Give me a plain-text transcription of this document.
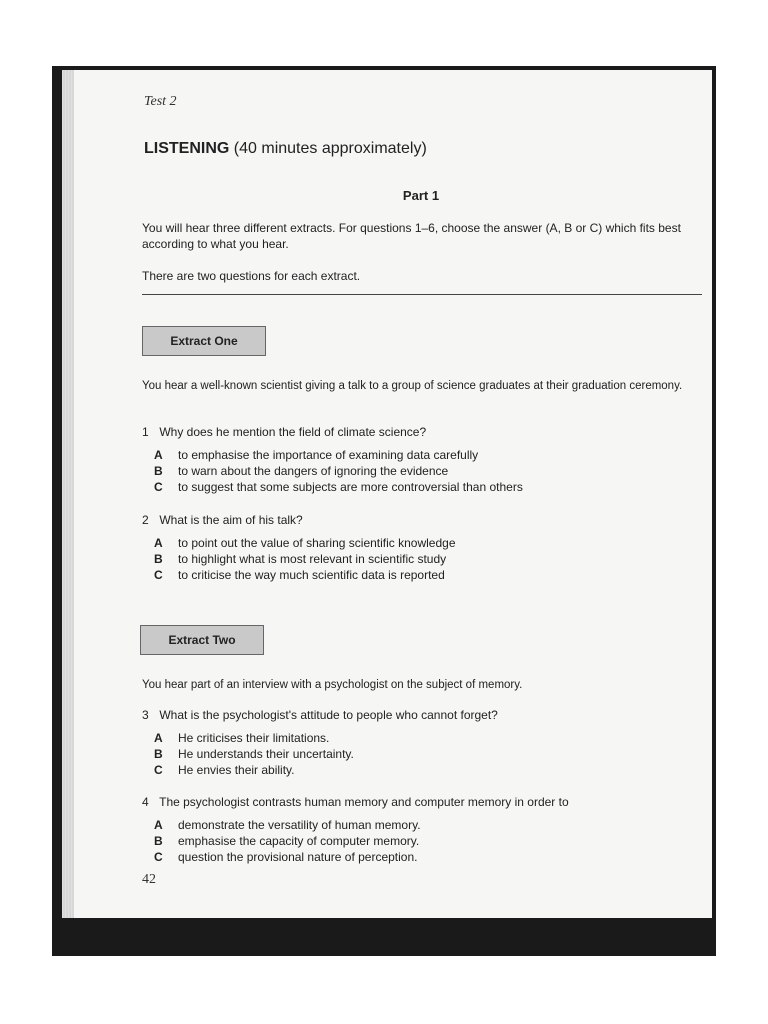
Test 2
LISTENING (40 minutes approximately)
Part 1

You will hear three different extracts. For questions 1–6, choose the answer (A, B or C) which fits best according to what you hear.

There are two questions for each extract.

Extract One
You hear a well-known scientist giving a talk to a group of science graduates at their graduation ceremony.
1 Why does he mention the field of climate science?
A	to emphasise the importance of examining data carefully
B	to warn about the dangers of ignoring the evidence
C	to suggest that some subjects are more controversial than others
2 What is the aim of his talk?
A	to point out the value of sharing scientific knowledge
B	to highlight what is most relevant in scientific study
C	to criticise the way much scientific data is reported
Extract Two
You hear part of an interview with a psychologist on the subject of memory.
3 What is the psychologist's attitude to people who cannot forget?
A	He criticises their limitations.
B	He understands their uncertainty.
C	He envies their ability.
4 The psychologist contrasts human memory and computer memory in order to
A	demonstrate the versatility of human memory.
B	emphasise the capacity of computer memory.
C	question the provisional nature of perception.
42
